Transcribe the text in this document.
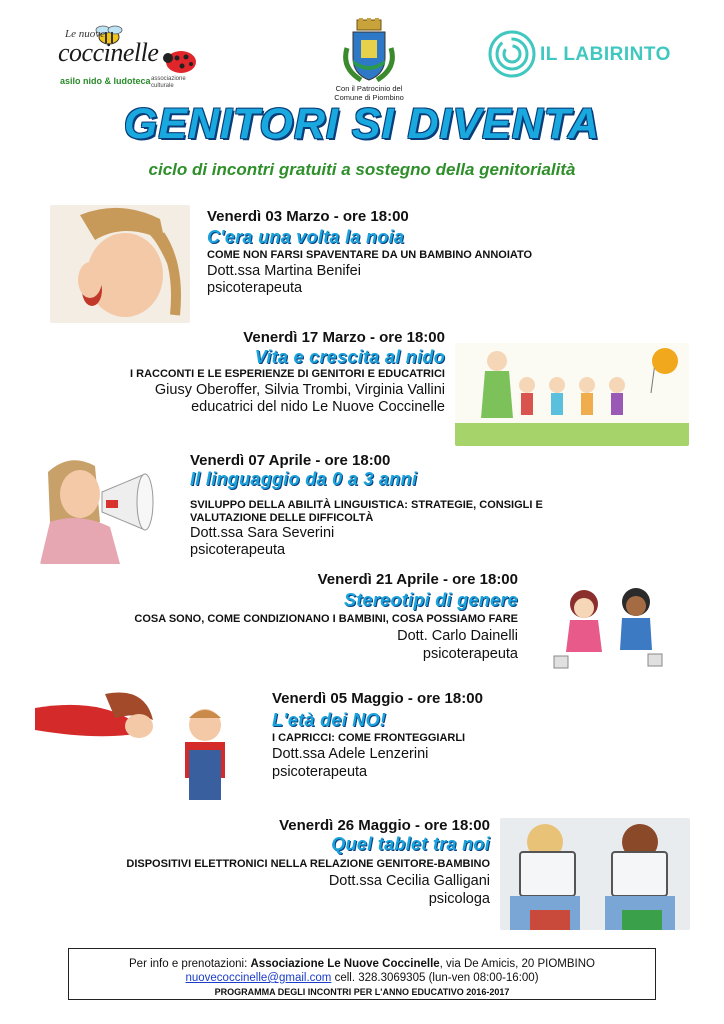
Le nuove
coccinelle
asilo nido & ludoteca associazione culturale	Con il Patrocinio del
Comune di Piombino
IL LABIRINTO
GENITORI SI DIVENTA
ciclo di incontri gratuiti a sostegno della genitorialità
Venerdì 03 Marzo - ore 18:00
C'era una volta la noia
COME NON FARSI SPAVENTARE DA UN BAMBINO ANNOIATO
Dott.ssa Martina Benifei
psicoterapeuta
Venerdì 17 Marzo - ore 18:00
Vita e crescita al nido
I RACCONTI E LE ESPERIENZE DI GENITORI E EDUCATRICI
Giusy Oberoffer, Silvia Trombi, Virginia Vallini
educatrici del nido Le Nuove Coccinelle
Venerdì 07 Aprile - ore 18:00
Il linguaggio da 0 a 3 anni
SVILUPPO DELLA ABILITÀ LINGUISTICA: STRATEGIE, CONSIGLI E VALUTAZIONE DELLE DIFFICOLTÀ
Dott.ssa Sara Severini
psicoterapeuta
Venerdì 21 Aprile - ore 18:00
Stereotipi di genere
COSA SONO, COME CONDIZIONANO I BAMBINI, COSA POSSIAMO FARE
Dott. Carlo Dainelli
psicoterapeuta
Venerdì 05 Maggio - ore 18:00
L'età dei NO!
I CAPRICCI: COME FRONTEGGIARLI
Dott.ssa Adele Lenzerini
psicoterapeuta
Venerdì 26 Maggio - ore 18:00
Quel tablet tra noi
DISPOSITIVI ELETTRONICI NELLA RELAZIONE GENITORE-BAMBINO
Dott.ssa Cecilia Galligani
psicologa
Per info e prenotazioni: Associazione Le Nuove Coccinelle, via De Amicis, 20 PIOMBINO
nuovecoccinelle@gmail.com cell. 328.3069305 (lun-ven 08:00-16:00)
PROGRAMMA DEGLI INCONTRI PER L'ANNO EDUCATIVO 2016-2017
